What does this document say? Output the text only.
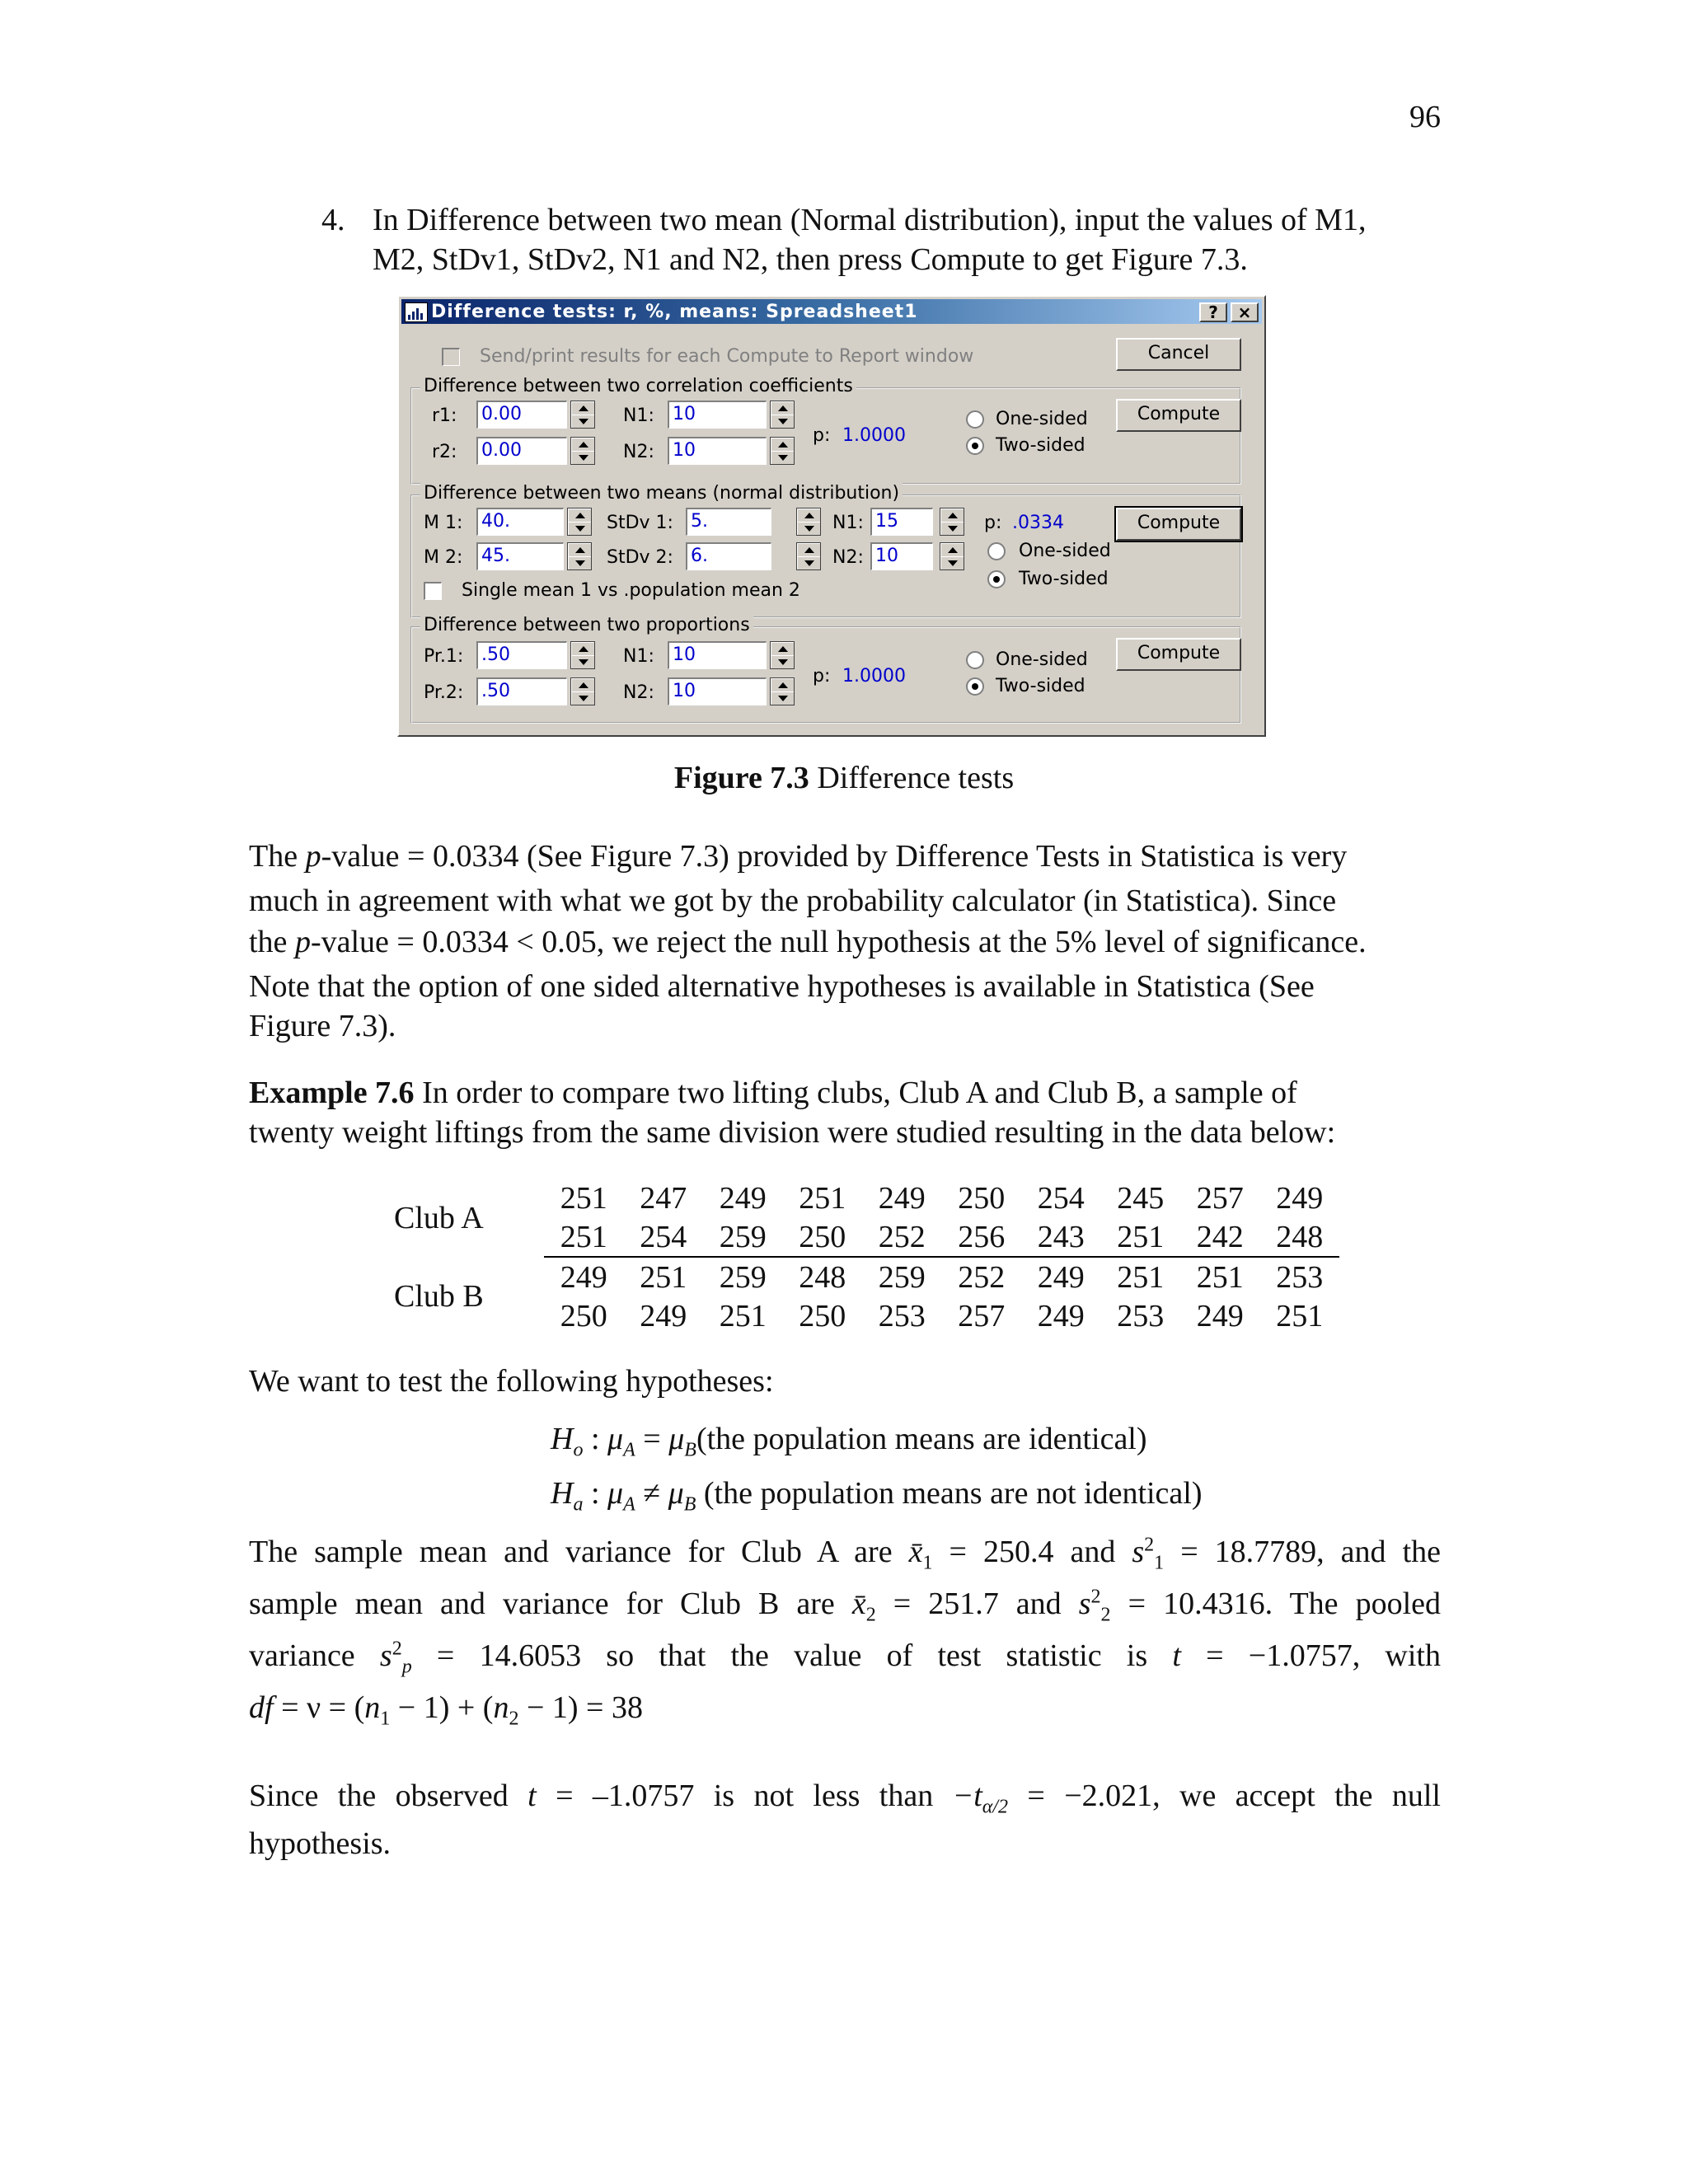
96
4. In Difference between two mean (Normal distribution), input the values of M1,
M2, StDv1, StDv2, N1 and N2, then press Compute to get Figure 7.3.
Difference tests: r, %, means: Spreadsheet1	?	×
Send/print results for each Compute to Report window	Cancel
Difference between two correlation coefficients
r1: 0.00
r2: 0.00
N1: 10
N2: 10
p: 1.0000
One-sided
Two-sided
Compute
Difference between two means (normal distribution)
M 1: 40.
M 2: 45.
StDv 1: 5.
StDv 2: 6.
N1: 15
N2: 10
p: .0334
One-sided
Two-sided
Single mean 1 vs .population mean 2
Compute
Difference between two proportions
Pr.1: .50
Pr.2: .50
N1: 10
N2: 10
p: 1.0000
One-sided
Two-sided
Compute
Figure 7.3 Difference tests

The p-value = 0.0334 (See Figure 7.3) provided by Difference Tests in Statistica is very

much in agreement with what we got by the probability calculator (in Statistica). Since

the p-value = 0.0334 < 0.05, we reject the null hypothesis at the 5% level of significance.

Note that the option of one sided alternative hypotheses is available in Statistica (See

Figure 7.3).

Example 7.6 In order to compare two lifting clubs, Club A and Club B, a sample of

twenty weight liftings from the same division were studied resulting in the data below:

Club A	251	247	249	251	249	250	254	245	257	249
	251	254	259	250	252	256	243	251	242	248
Club B	249	251	259	248	259	252	249	251	251	253
	250	249	251	250	253	257	249	253	249	251
We want to test the following hypotheses:
$H_o$ : $\mu_A = \mu_B(the$ population means are identical)
$H_a$ : $\mu_A \ne \mu_B$ (the population means are not identical)

The sample mean and variance for Club A are $x̄_1 = 250.4$ and $s^2_1 = 18.7789$, and the

sample mean and variance for Club B are $x̄_2 = 251.7$ and $s^2_2 = 10.4316$. The pooled

variance $s^2_p = 14.6053$ so that the value of test statistic is t = −1.0757, with

df = $\nu = (n_1 - 1) + (n_2 - 1) = 38$

Since the observed t = –1.0757 is not less than $-t_{\alpha/2} = -2.021$, we accept the null

hypothesis.
